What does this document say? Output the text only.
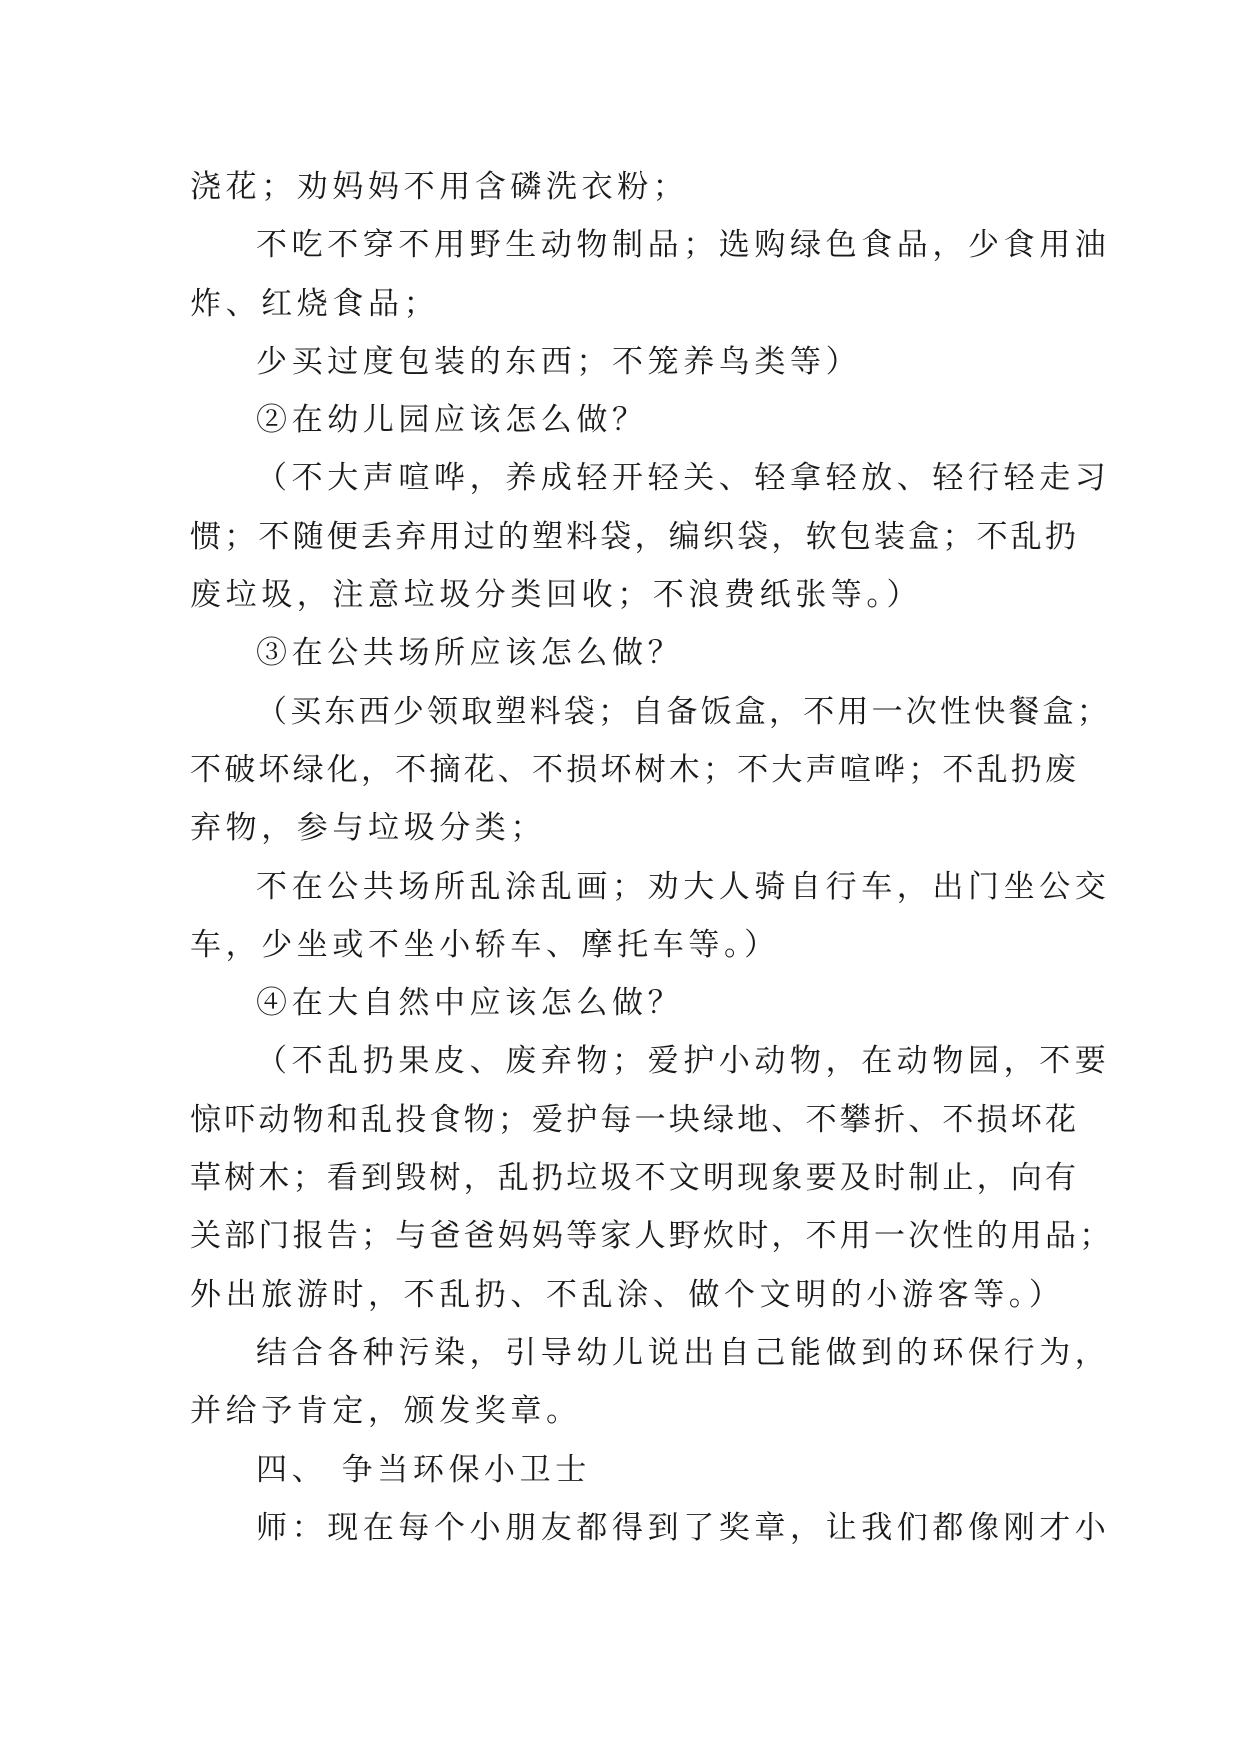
浇花；劝妈妈不用含磷洗衣粉；
不吃不穿不用野生动物制品；选购绿色食品，少食用油
炸、红烧食品；
少买过度包装的东西；不笼养鸟类等）
②在幼儿园应该怎么做？
（不大声喧哗，养成轻开轻关、轻拿轻放、轻行轻走习
惯；不随便丢弃用过的塑料袋，编织袋，软包装盒；不乱扔
废垃圾，注意垃圾分类回收；不浪费纸张等。）
③在公共场所应该怎么做？
（买东西少领取塑料袋；自备饭盒，不用一次性快餐盒；
不破坏绿化，不摘花、不损坏树木；不大声喧哗；不乱扔废
弃物，参与垃圾分类；
不在公共场所乱涂乱画；劝大人骑自行车，出门坐公交
车，少坐或不坐小轿车、摩托车等。）
④在大自然中应该怎么做？
（不乱扔果皮、废弃物；爱护小动物，在动物园，不要
惊吓动物和乱投食物；爱护每一块绿地、不攀折、不损坏花
草树木；看到毁树，乱扔垃圾不文明现象要及时制止，向有
关部门报告；与爸爸妈妈等家人野炊时，不用一次性的用品；
外出旅游时，不乱扔、不乱涂、做个文明的小游客等。）
结合各种污染，引导幼儿说出自己能做到的环保行为，
并给予肯定，颁发奖章。
四、 争当环保小卫士
师：现在每个小朋友都得到了奖章，让我们都像刚才小
